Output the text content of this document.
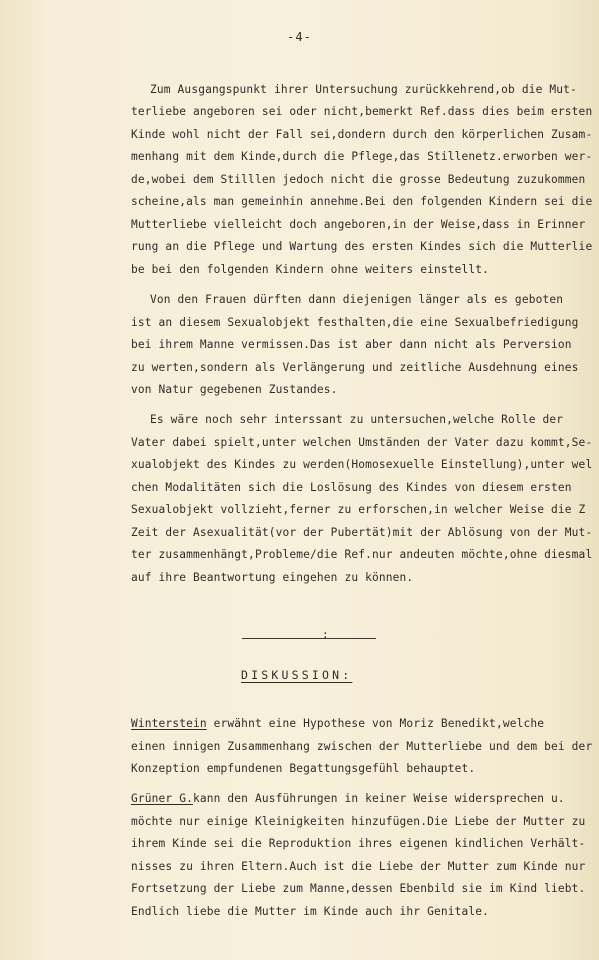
-4-
Zum Ausgangspunkt ihrer Untersuchung zurückkehrend,ob die Mut-
terliebe angeboren sei oder nicht,bemerkt Ref.dass dies beim ersten
Kinde wohl nicht der Fall sei,dondern durch den körperlichen Zusam-
menhang mit dem Kinde,durch die Pflege,das Stillenetz.erworben wer-
de,wobei dem Stilllen jedoch nicht die grosse Bedeutung zuzukommen
scheine,als man gemeinhin annehme.Bei den folgenden Kindern sei die
Mutterliebe vielleicht doch angeboren,in der Weise,dass in Erinner
rung an die Pflege und Wartung des ersten Kindes sich die Mutterlie
be bei den folgenden Kindern ohne weiters einstellt.
Von den Frauen dürften dann diejenigen länger als es geboten
ist an diesem Sexualobjekt festhalten,die eine Sexualbefriedigung
bei ihrem Manne vermissen.Das ist aber dann nicht als Perversion
zu werten,sondern als Verlängerung und zeitliche Ausdehnung eines
von Natur gegebenen Zustandes.
Es wäre noch sehr interssant zu untersuchen,welche Rolle der
Vater dabei spielt,unter welchen Umständen der Vater dazu kommt,Se-
xualobjekt des Kindes zu werden(Homosexuelle Einstellung),unter wel
chen Modalitäten sich die Loslösung des Kindes von diesem ersten
Sexualobjekt vollzieht,ferner zu erforschen,in welcher Weise die Z
Zeit der Asexualität(vor der Pubertät)mit der Ablösung von der Mut-
ter zusammenhängt,Probleme/die Ref.nur andeuten möchte,ohne diesmal
auf ihre Beantwortung eingehen zu können.
:
DISKUSSION:
Winterstein erwähnt eine Hypothese von Moriz Benedikt,welche
einen innigen Zusammenhang zwischen der Mutterliebe und dem bei der
Konzeption empfundenen Begattungsgefühl behauptet.
Grüner G.kann den Ausführungen in keiner Weise widersprechen u.
möchte nur einige Kleinigkeiten hinzufügen.Die Liebe der Mutter zu
ihrem Kinde sei die Reproduktion ihres eigenen kindlichen Verhält-
nisses zu ihren Eltern.Auch ist die Liebe der Mutter zum Kinde nur
Fortsetzung der Liebe zum Manne,dessen Ebenbild sie im Kind liebt.
Endlich liebe die Mutter im Kinde auch ihr Genitale.
